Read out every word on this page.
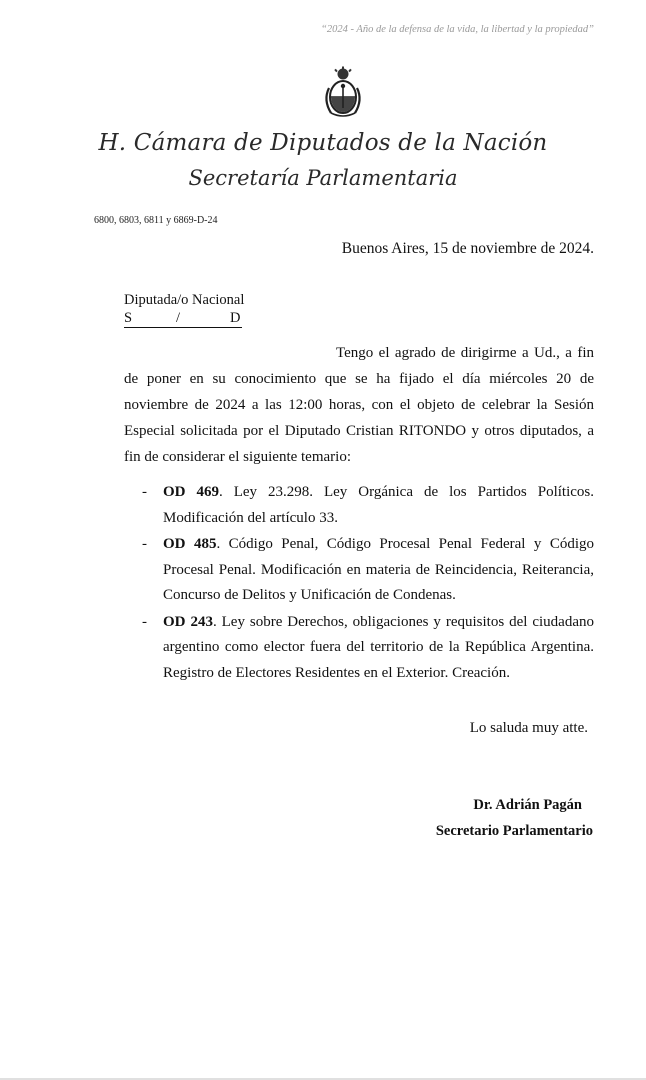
“2024 - Año de la defensa de la vida, la libertad y la propiedad”
H. Cámara de Diputados de la Nación
Secretaría Parlamentaria
6800, 6803, 6811 y 6869-D-24
Buenos Aires, 15 de noviembre de 2024.
Diputada/o Nacional
S	/	D
Tengo el agrado de dirigirme a Ud., a fin de poner en su conocimiento que se ha fijado el día miércoles 20 de noviembre de 2024 a las 12:00 horas, con el objeto de celebrar la Sesión Especial solicitada por el Diputado Cristian RITONDO y otros diputados, a fin de considerar el siguiente temario:
- OD 469. Ley 23.298. Ley Orgánica de los Partidos Políticos. Modificación del artículo 33.
- OD 485. Código Penal, Código Procesal Penal Federal y Código Procesal Penal. Modificación en materia de Reincidencia, Reiterancia, Concurso de Delitos y Unificación de Condenas.
- OD 243. Ley sobre Derechos, obligaciones y requisitos del ciudadano argentino como elector fuera del territorio de la República Argentina. Registro de Electores Residentes en el Exterior. Creación.
Lo saluda muy atte.
Dr. Adrián Pagán
Secretario Parlamentario
